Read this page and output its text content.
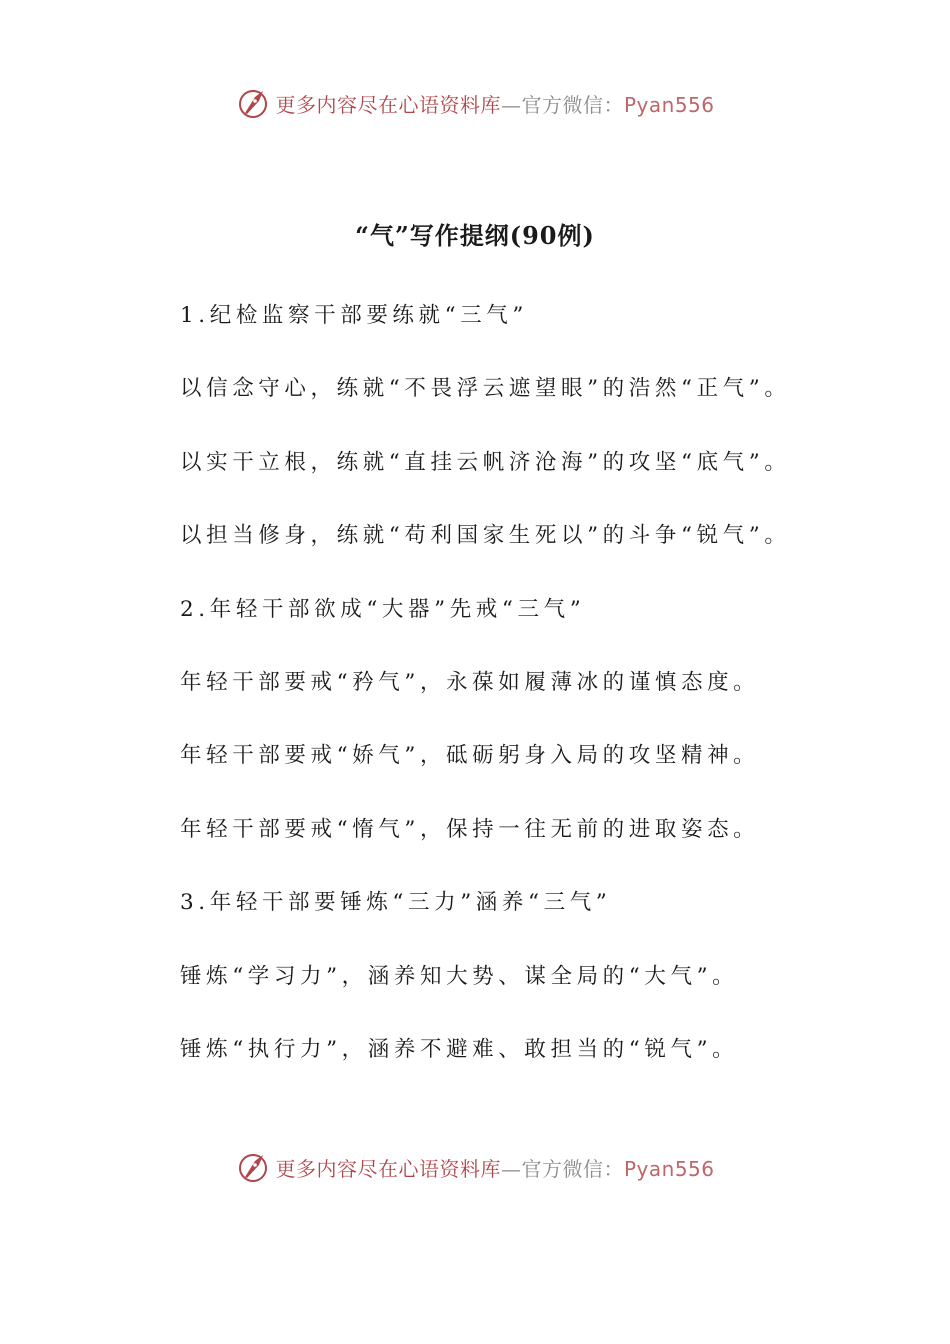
更多内容尽在心语资料库—官方微信：Pyan556
“气”写作提纲(90例)
1.纪检监察干部要练就“三气”
以信念守心，练就“不畏浮云遮望眼”的浩然“正气”。
以实干立根，练就“直挂云帆济沧海”的攻坚“底气”。
以担当修身，练就“苟利国家生死以”的斗争“锐气”。
2.年轻干部欲成“大器”先戒“三气”
年轻干部要戒“矜气”，永葆如履薄冰的谨慎态度。
年轻干部要戒“娇气”，砥砺躬身入局的攻坚精神。
年轻干部要戒“惰气”，保持一往无前的进取姿态。
3.年轻干部要锤炼“三力”涵养“三气”
锤炼“学习力”，涵养知大势、谋全局的“大气”。
锤炼“执行力”，涵养不避难、敢担当的“锐气”。
更多内容尽在心语资料库—官方微信：Pyan556
